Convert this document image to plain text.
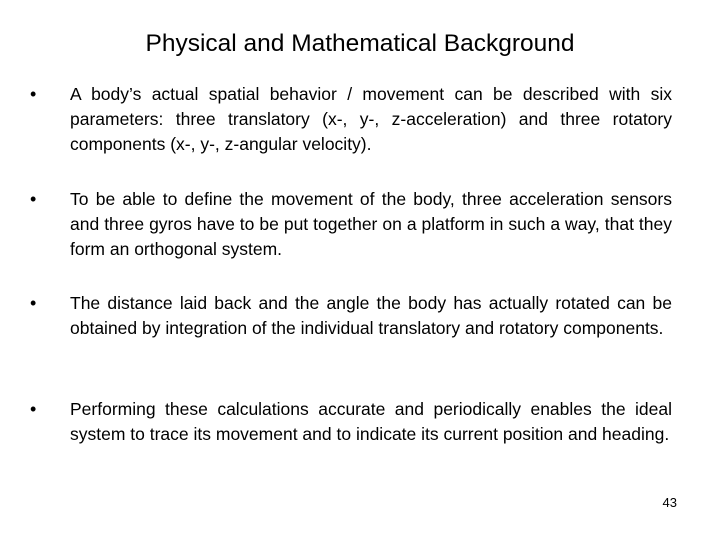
Physical and Mathematical Background
• A body’s actual spatial behavior / movement can be described with six parameters: three translatory (x-, y-, z-acceleration) and three rotatory components (x-, y-, z-angular velocity).
• To be able to define the movement of the body, three acceleration sensors and three gyros have to be put together on a platform in such a way, that they form an orthogonal system.
• The distance laid back and the angle the body has actually rotated can be obtained by integration of the individual translatory and rotatory components.
• Performing these calculations accurate and periodically enables the ideal system to trace its movement and to indicate its current position and heading.
43
